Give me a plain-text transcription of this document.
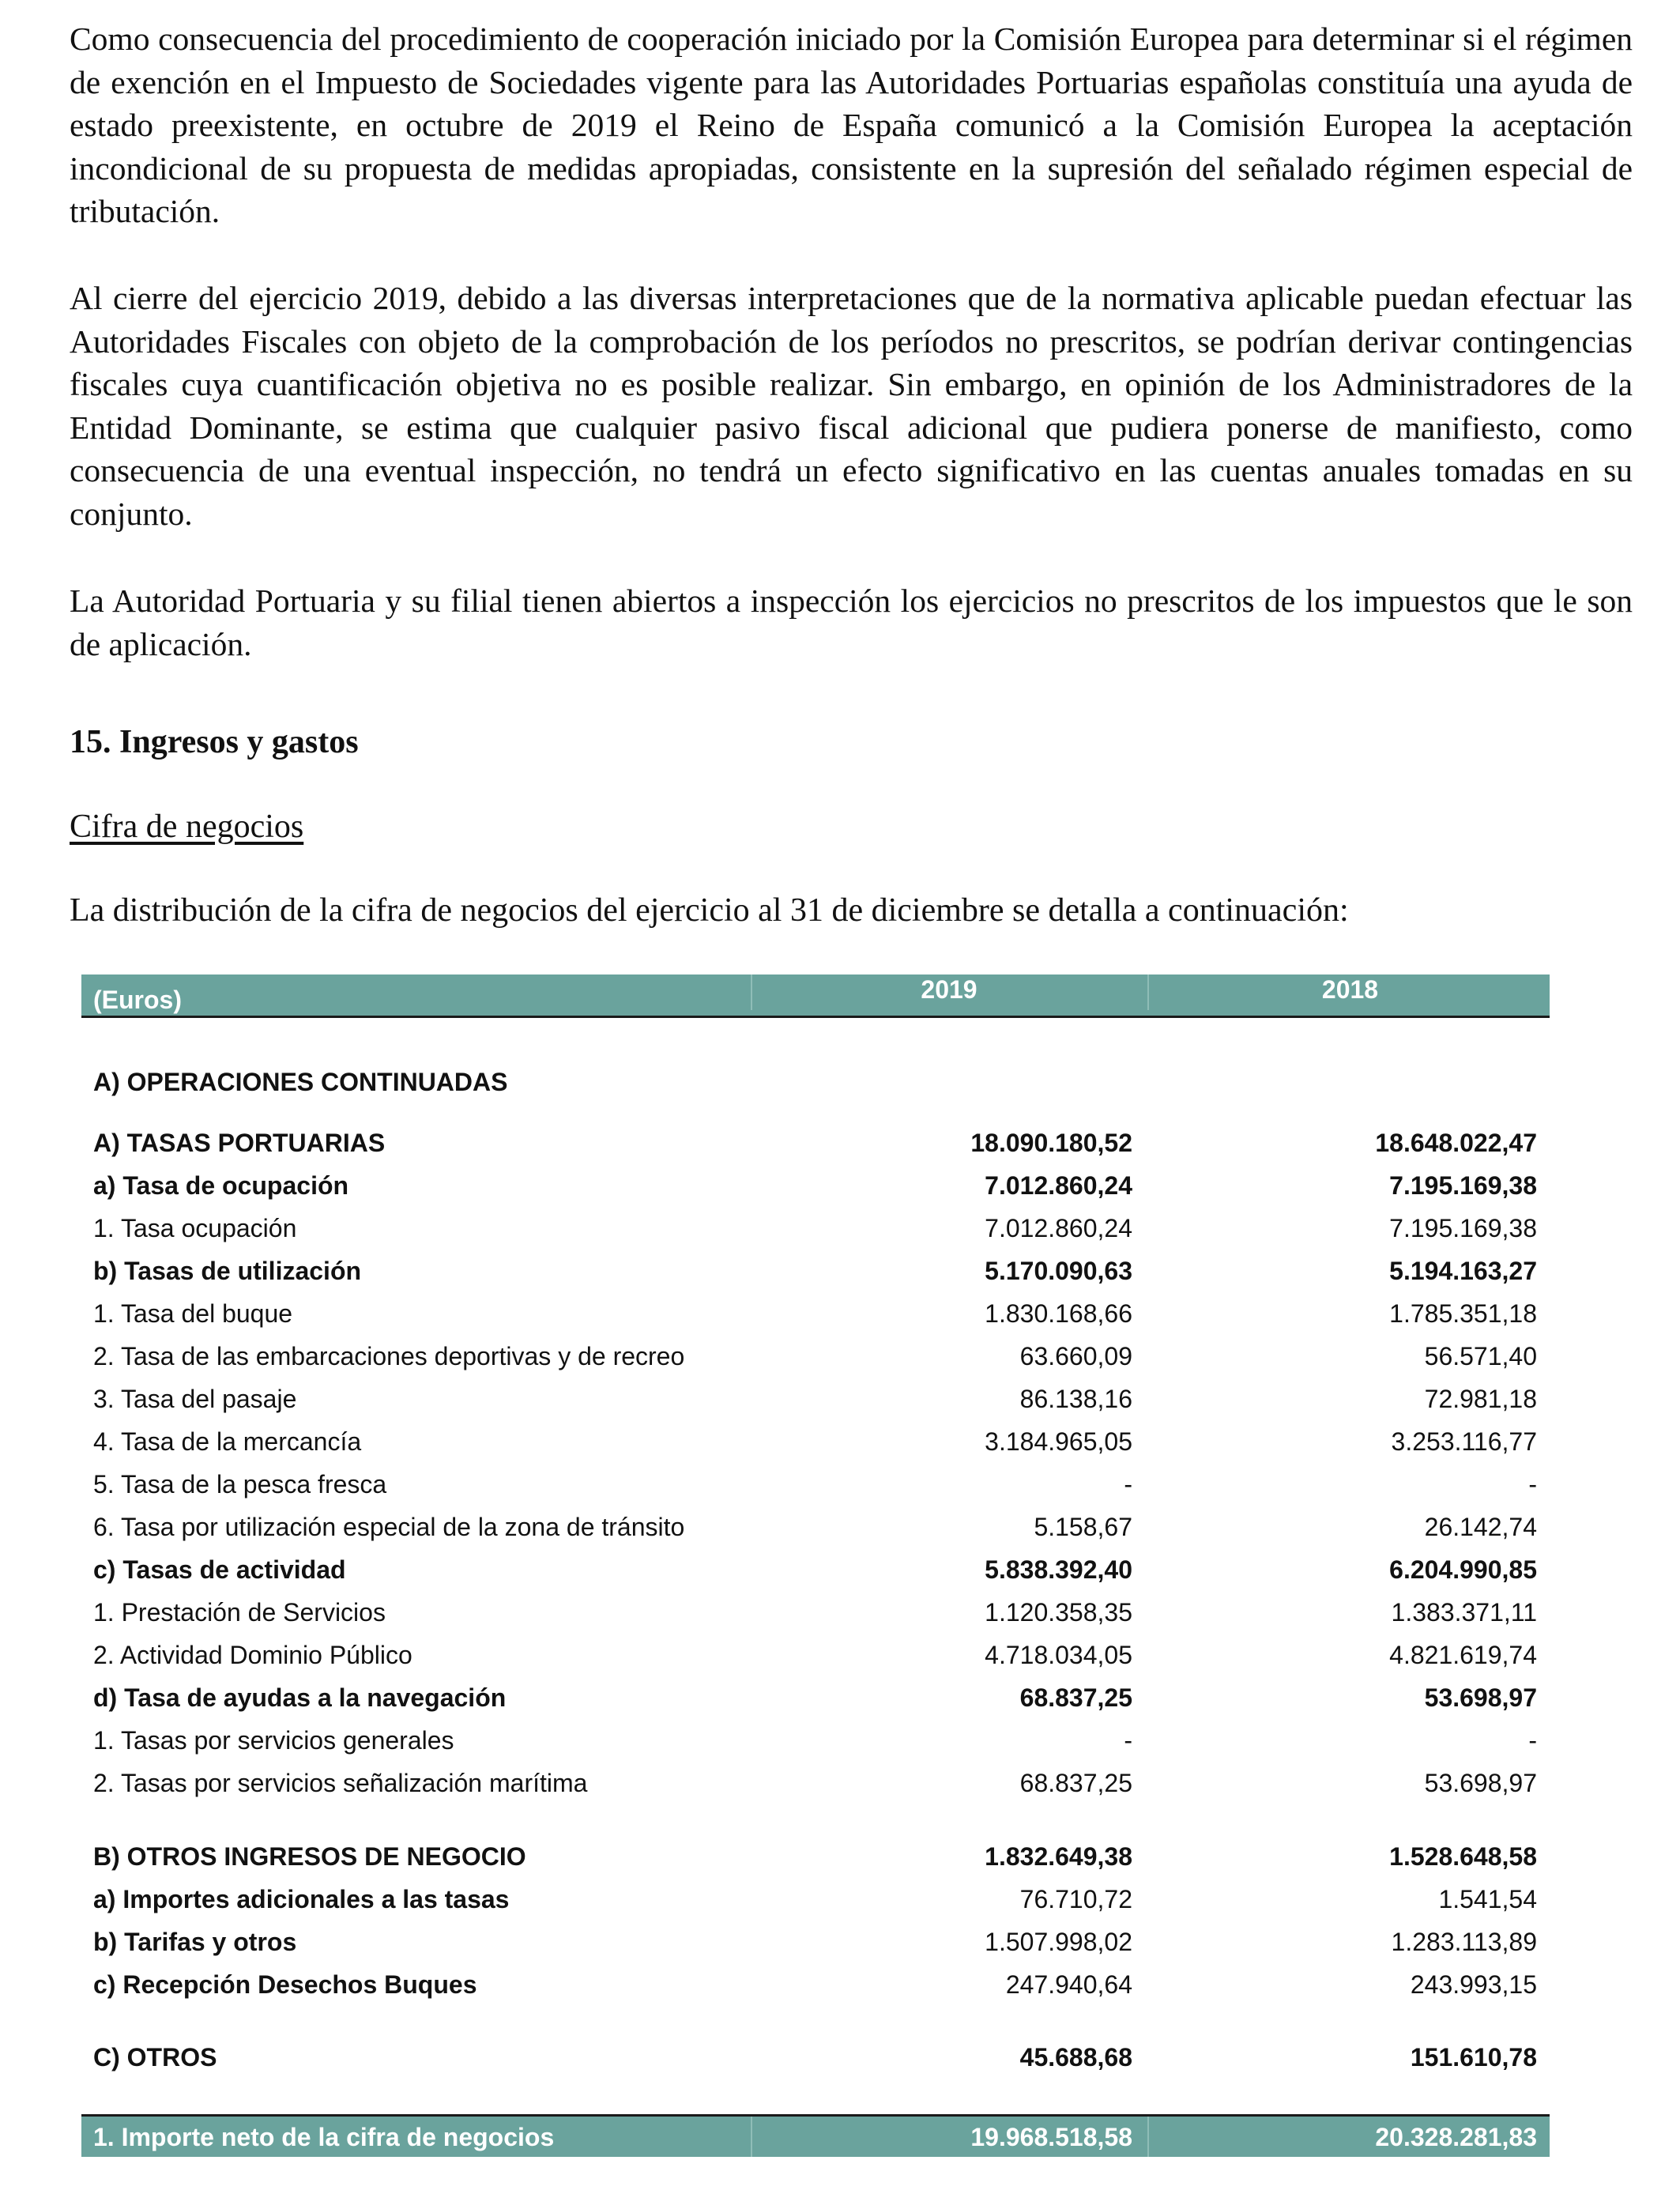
Como consecuencia del procedimiento de cooperación iniciado por la Comisión Europea para determinar si el régimen de exención en el Impuesto de Sociedades vigente para las Autoridades Portuarias españolas constituía una ayuda de estado preexistente, en octubre de 2019 el Reino de España comunicó a la Comisión Europea la aceptación incondicional de su propuesta de medidas apropiadas, consistente en la supresión del señalado régimen especial de tributación.

Al cierre del ejercicio 2019, debido a las diversas interpretaciones que de la normativa aplicable puedan efectuar las Autoridades Fiscales con objeto de la comprobación de los períodos no prescritos, se podrían derivar contingencias fiscales cuya cuantificación objetiva no es posible realizar. Sin embargo, en opinión de los Administradores de la Entidad Dominante, se estima que cualquier pasivo fiscal adicional que pudiera ponerse de manifiesto, como consecuencia de una eventual inspección, no tendrá un efecto significativo en las cuentas anuales tomadas en su conjunto.

La Autoridad Portuaria y su filial tienen abiertos a inspección los ejercicios no prescritos de los impuestos que le son de aplicación.

15. Ingresos y gastos

Cifra de negocios

La distribución de la cifra de negocios del ejercicio al 31 de diciembre se detalla a continuación:

(Euros)	2019	2018
A) OPERACIONES CONTINUADAS
A) TASAS PORTUARIAS	18.090.180,52	18.648.022,47
a) Tasa de ocupación	7.012.860,24	7.195.169,38
1. Tasa ocupación	7.012.860,24	7.195.169,38
b) Tasas de utilización	5.170.090,63	5.194.163,27
1. Tasa del buque	1.830.168,66	1.785.351,18
2. Tasa de las embarcaciones deportivas y de recreo	63.660,09	56.571,40
3. Tasa del pasaje	86.138,16	72.981,18
4. Tasa de la mercancía	3.184.965,05	3.253.116,77
5. Tasa de la pesca fresca	-	-
6. Tasa por utilización especial de la zona de tránsito	5.158,67	26.142,74
c) Tasas de actividad	5.838.392,40	6.204.990,85
1. Prestación de Servicios	1.120.358,35	1.383.371,11
2. Actividad Dominio Público	4.718.034,05	4.821.619,74
d) Tasa de ayudas a la navegación	68.837,25	53.698,97
1. Tasas por servicios generales	-	-
2. Tasas por servicios señalización marítima	68.837,25	53.698,97
B) OTROS INGRESOS DE NEGOCIO	1.832.649,38	1.528.648,58
a) Importes adicionales a las tasas	76.710,72	1.541,54
b) Tarifas y otros	1.507.998,02	1.283.113,89
c) Recepción Desechos Buques	247.940,64	243.993,15
C) OTROS	45.688,68	151.610,78
1. Importe neto de la cifra de negocios	19.968.518,58	20.328.281,83
